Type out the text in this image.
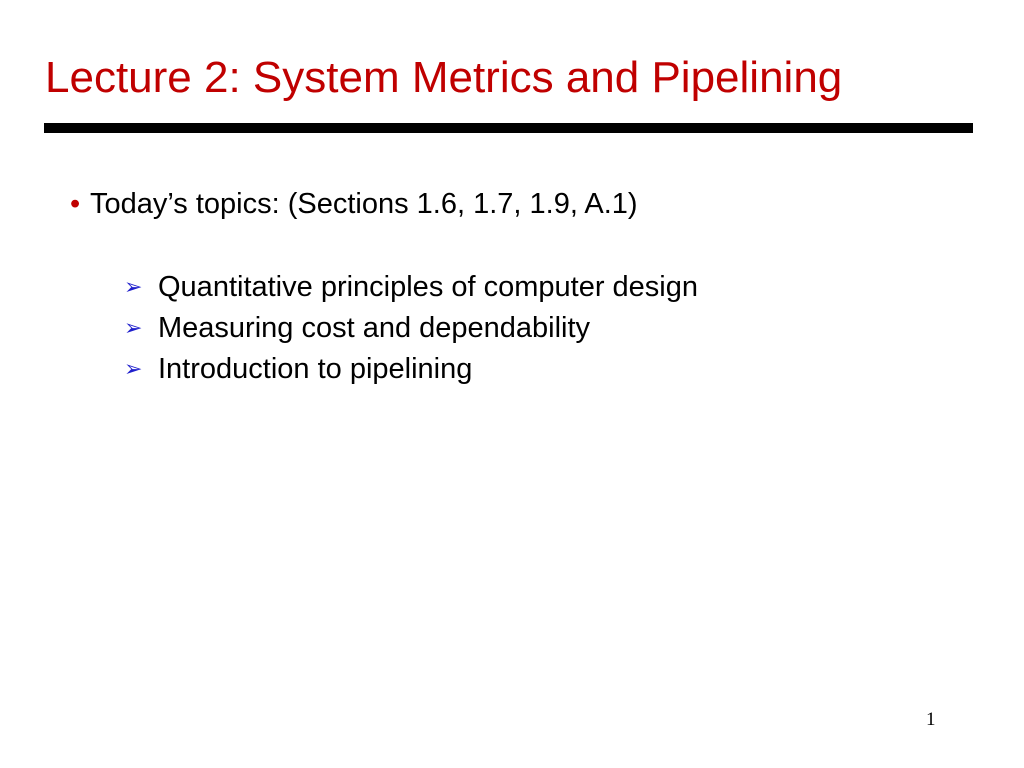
Lecture 2: System Metrics and Pipelining
• Today’s topics: (Sections 1.6, 1.7, 1.9, A.1)
➢ Quantitative principles of computer design
➢ Measuring cost and dependability
➢ Introduction to pipelining
1
